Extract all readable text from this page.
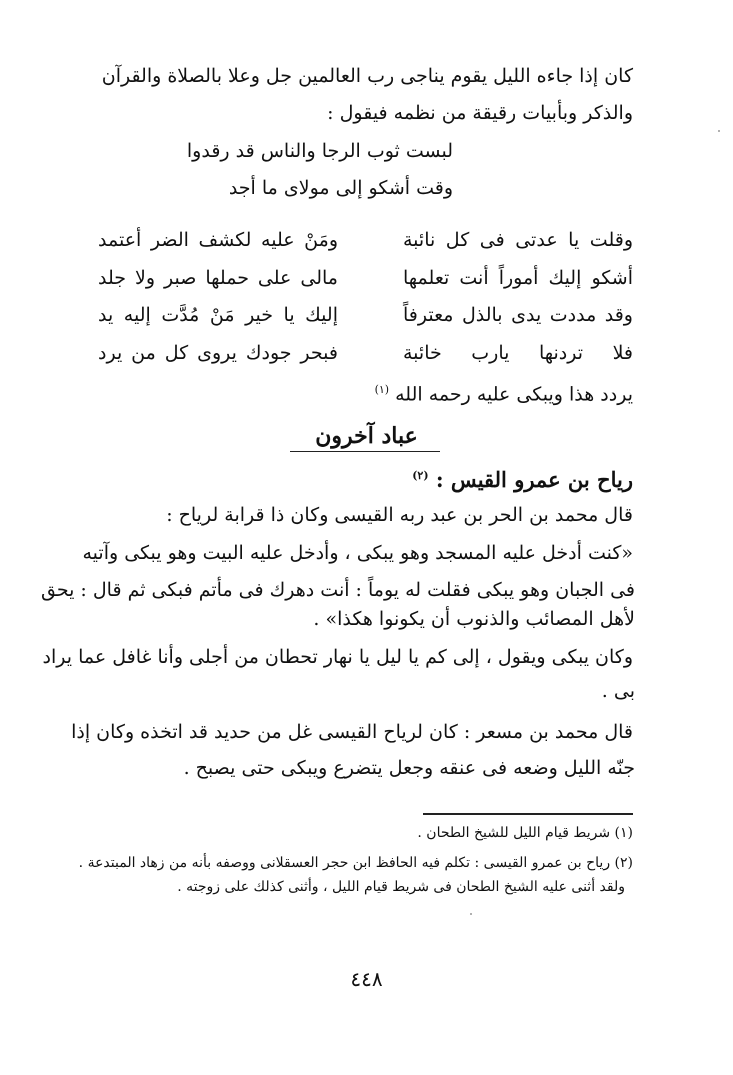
كان إذا جاءه الليل يقوم يناجى رب العالمين جل وعلا بالصلاة والقرآن
والذكر وبأبيات رقيقة من نظمه فيقول :
لبست ثوب الرجا والناس قد رقدوا
وقت أشكو إلى مولاى ما أجد
وقلت يا عدتى فى كل نائبة
ومَنْ عليه لكشف الضر أعتمد
أشكو إليك أموراً أنت تعلمها
مالى على حملها صبر ولا جلد
وقد مددت يدى بالذل معترفاً
إليك يا خير مَنْ مُدَّت إليه يد
فلا تردنها يارب خائبة
فبحر جودك يروى كل من يرد
يردد هذا ويبكى عليه رحمه الله $^{(١)}$
عباد آخرون
رياح بن عمرو القيس : $^{(٢)}$
قال محمد بن الحر بن عبد ربه القيسى وكان ذا قرابة لرياح :
«كنت أدخل عليه المسجد وهو يبكى ، وأدخل عليه البيت وهو يبكى وآتيه
فى الجبان وهو يبكى فقلت له يوماً : أنت دهرك فى مأتم فبكى ثم قال : يحق
لأهل المصائب والذنوب أن يكونوا هكذا» .
وكان يبكى ويقول ، إلى كم يا ليل يا نهار تحطان من أجلى وأنا غافل عما يراد
بى .
قال محمد بن مسعر : كان لرياح القيسى غل من حديد قد اتخذه وكان إذا
جنّه الليل وضعه فى عنقه وجعل يتضرع ويبكى حتى يصبح .
(١) شريط قيام الليل للشيخ الطحان .
(٢) رياح بن عمرو القيسى : تكلم فيه الحافظ ابن حجر العسقلانى ووصفه بأنه من زهاد المبتدعة .
ولقد أثنى عليه الشيخ الطحان فى شريط قيام الليل ، وأثنى كذلك على زوجته .
٤٤٨
